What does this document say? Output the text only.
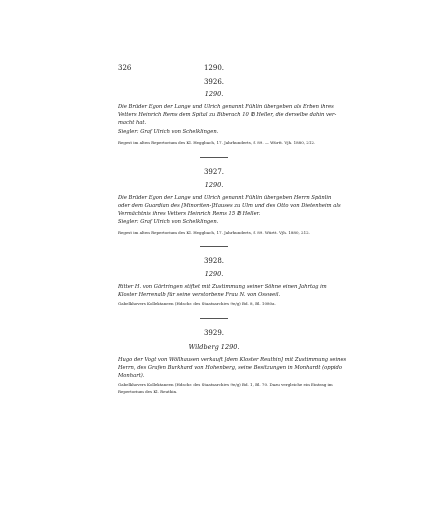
326	1290.
3926.
1290.
Die Brüder Egon der Lange und Ulrich genannt Fühlin übergeben als Erben ihres
Vetters Heinrich Rems dem Spital zu Biberach 10 ℔ Heller, die derselbe dahin ver-
macht hat.
Siegler: Graf Ulrich von Schelklingen.
Regest im alten Repertorium des Kl. Heggbach, 17. Jahrhunderts, f. 89. — Württ. Vjh. 1880, 212.
3927.
1290.
Die Brüder Egon der Lange und Ulrich genannt Fühlin übergeben Herrn Spänlin
oder dem Guardian des [Minoriten-]Hauses zu Ulm und des Otto von Dietenheim als
Vermächtnis ihres Vetters Heinrich Rems 15 ℔ Heller.
Siegler: Graf Ulrich von Schelklingen.
Regest im alten Repertorium des Kl. Heggbach, 17. Jahrhunderts, f. 89. Württ. Vjh. 1880, 212.
3928.
1290.
Ritter H. von Gärtringen stiftet mit Zustimmung seiner Söhne einen Jahrtag im
Kloster Herrenalb für seine verstorbene Frau N. von Ossweil.
Gabelkhovers Kollektaneen (Hdschr. des Staatsarchivs 9e/g) Bd. 8, Bl. 1080a.
3929.
Wildberg 1290.
Hugo der Vogt von Wöllhausen verkauft [dem Kloster Reuthin] mit Zustimmung seines
Herrn, des Grafen Burkhard von Hohenberg, seine Besitzungen in Monhardt (oppido
Monhart).
Gabelkhovers Kollektaneen (Hdschr. des Staatsarchivs 9e/g) Bd. 1, Bl. 70. Dazu vergleiche ein Eintrag im
Repertorium des Kl. Reuthin.
